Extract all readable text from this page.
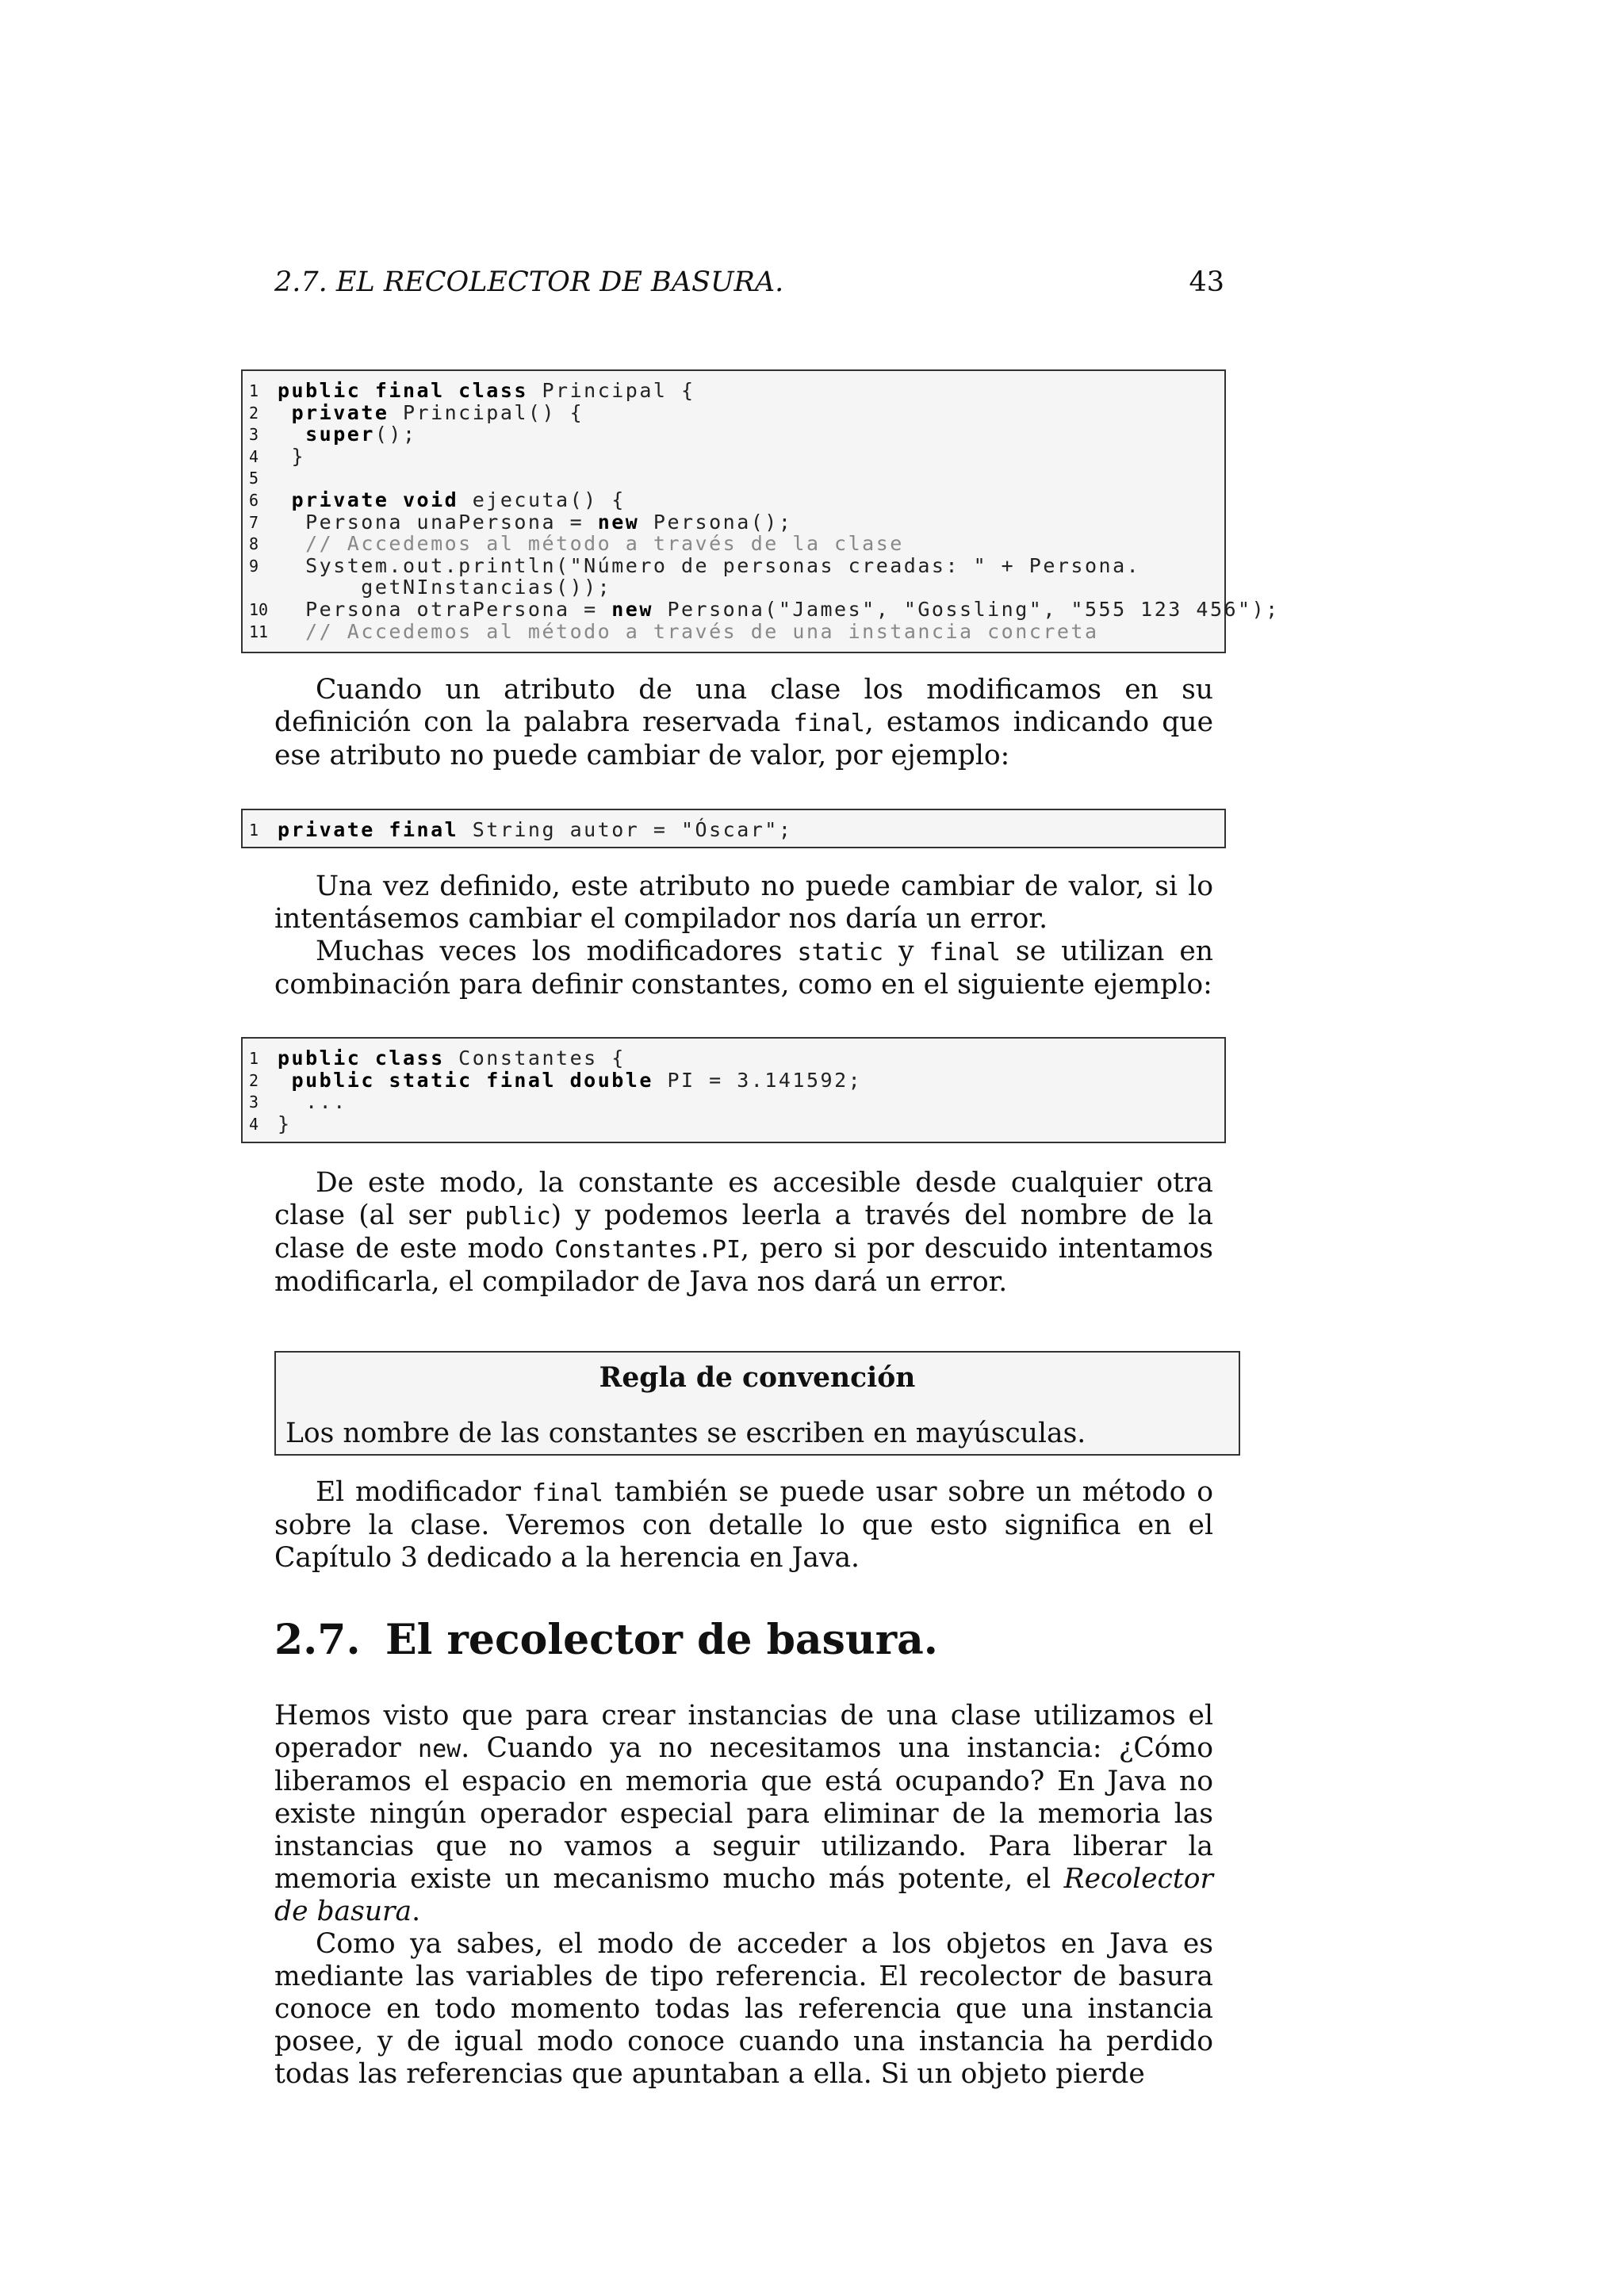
2.7. EL RECOLECTOR DE BASURA.	43
1 public final class Principal {
2	private Principal() {
3	super();
4 }
5
6	private void ejecuta() {
7 Persona unaPersona = new Persona();
8	// Accedemos al método a través de la clase
9 System.out.println("Número de personas creadas: " + Persona.
getNInstancias());
10 Persona otraPersona = new Persona("James", "Gossling", "555 123 456");
11	// Accedemos al método a través de una instancia concreta

Cuando un atributo de una clase los modificamos en su definición con la palabra reservada final, estamos indicando que ese atributo no puede cambiar de valor, por ejemplo:

1 private final String autor = "Óscar";

Una vez definido, este atributo no puede cambiar de valor, si lo intentásemos cambiar el compilador nos daría un error.

Muchas veces los modificadores static y final se utilizan en combinación para definir constantes, como en el siguiente ejemplo:

1 public class Constantes {
2	public static final double PI = 3.141592;
3 ...
4 }

De este modo, la constante es accesible desde cualquier otra clase (al ser public) y podemos leerla a través del nombre de la clase de este modo Constantes.PI, pero si por descuido intentamos modificarla, el compilador de Java nos dará un error.

Regla de convención
Los nombre de las constantes se escriben en mayúsculas.

El modificador final también se puede usar sobre un método o sobre la clase. Veremos con detalle lo que esto significa en el Capítulo 3 dedicado a la herencia en Java.

2.7. El recolector de basura.

Hemos visto que para crear instancias de una clase utilizamos el operador new. Cuando ya no necesitamos una instancia: ¿Cómo liberamos el espacio en memoria que está ocupando? En Java no existe ningún operador especial para eliminar de la memoria las instancias que no vamos a seguir utilizando. Para liberar la memoria existe un mecanismo mucho más potente, el Recolector de basura.

Como ya sabes, el modo de acceder a los objetos en Java es mediante las variables de tipo referencia. El recolector de basura conoce en todo momento todas las referencia que una instancia posee, y de igual modo conoce cuando una instancia ha perdido todas las referencias que apuntaban a ella. Si un objeto pierde
